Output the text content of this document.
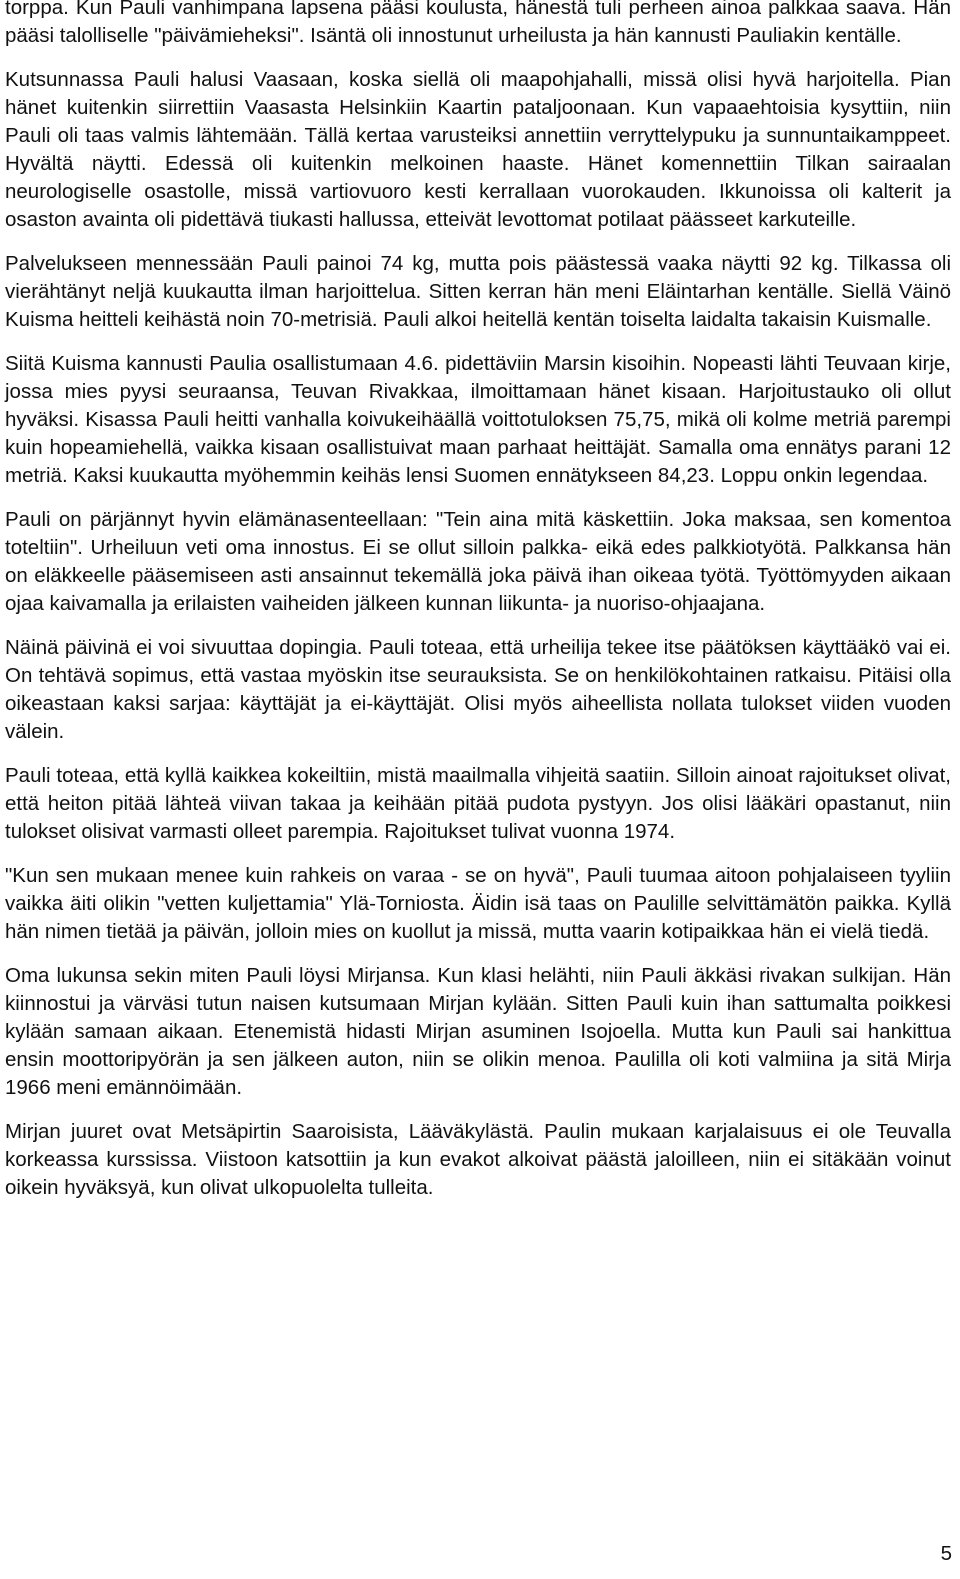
torppa. Kun Pauli vanhimpana lapsena pääsi koulusta, hänestä tuli perheen ainoa palkkaa saava. Hän pääsi talolliselle "päivämieheksi". Isäntä oli innostunut urheilusta ja hän kannusti Pauliakin kentälle.

Kutsunnassa Pauli halusi Vaasaan, koska siellä oli maapohjahalli, missä olisi hyvä harjoitella. Pian hänet kuitenkin siirrettiin Vaasasta Helsinkiin Kaartin pataljoonaan. Kun vapaaehtoisia kysyttiin, niin Pauli oli taas valmis lähtemään. Tällä kertaa varusteiksi annettiin verryttelypuku ja sunnuntaikamppeet. Hyvältä näytti. Edessä oli kuitenkin melkoinen haaste. Hänet komennettiin Tilkan sairaalan neurologiselle osastolle, missä vartiovuoro kesti kerrallaan vuorokauden. Ikkunoissa oli kalterit ja osaston avainta oli pidettävä tiukasti hallussa, etteivät levottomat potilaat päässeet karkuteille.

Palvelukseen mennessään Pauli painoi 74 kg, mutta pois päästessä vaaka näytti 92 kg. Tilkassa oli vierähtänyt neljä kuukautta ilman harjoittelua. Sitten kerran hän meni Eläintarhan kentälle. Siellä Väinö Kuisma heitteli keihästä noin 70-metrisiä. Pauli alkoi heitellä kentän toiselta laidalta takaisin Kuismalle.

Siitä Kuisma kannusti Paulia osallistumaan 4.6. pidettäviin Marsin kisoihin. Nopeasti lähti Teuvaan kirje, jossa mies pyysi seuraansa, Teuvan Rivakkaa, ilmoittamaan hänet kisaan. Harjoitustauko oli ollut hyväksi. Kisassa Pauli heitti vanhalla koivukeihäällä voittotuloksen 75,75, mikä oli kolme metriä parempi kuin hopeamiehellä, vaikka kisaan osallistuivat maan parhaat heittäjät. Samalla oma ennätys parani 12 metriä. Kaksi kuukautta myöhemmin keihäs lensi Suomen ennätykseen 84,23. Loppu onkin legendaa.

Pauli on pärjännyt hyvin elämänasenteellaan: "Tein aina mitä käskettiin. Joka maksaa, sen komentoa toteltiin". Urheiluun veti oma innostus. Ei se ollut silloin palkka- eikä edes palkkiotyötä. Palkkansa hän on eläkkeelle pääsemiseen asti ansainnut tekemällä joka päivä ihan oikeaa työtä. Työttömyyden aikaan ojaa kaivamalla ja erilaisten vaiheiden jälkeen kunnan liikunta- ja nuoriso-ohjaajana.

Näinä päivinä ei voi sivuuttaa dopingia. Pauli toteaa, että urheilija tekee itse päätöksen käyttääkö vai ei. On tehtävä sopimus, että vastaa myöskin itse seurauksista. Se on henkilökohtainen ratkaisu. Pitäisi olla oikeastaan kaksi sarjaa: käyttäjät ja ei-käyttäjät. Olisi myös aiheellista nollata tulokset viiden vuoden välein.

Pauli toteaa, että kyllä kaikkea kokeiltiin, mistä maailmalla vihjeitä saatiin. Silloin ainoat rajoitukset olivat, että heiton pitää lähteä viivan takaa ja keihään pitää pudota pystyyn. Jos olisi lääkäri opastanut, niin tulokset olisivat varmasti olleet parempia. Rajoitukset tulivat vuonna 1974.

"Kun sen mukaan menee kuin rahkeis on varaa - se on hyvä", Pauli tuumaa aitoon pohjalaiseen tyyliin vaikka äiti olikin "vetten kuljettamia" Ylä-Torniosta. Äidin isä taas on Paulille selvittämätön paikka. Kyllä hän nimen tietää ja päivän, jolloin mies on kuollut ja missä, mutta vaarin kotipaikkaa hän ei vielä tiedä.

Oma lukunsa sekin miten Pauli löysi Mirjansa. Kun klasi helähti, niin Pauli äkkäsi rivakan sulkijan. Hän kiinnostui ja värväsi tutun naisen kutsumaan Mirjan kylään. Sitten Pauli kuin ihan sattumalta poikkesi kylään samaan aikaan. Etenemistä hidasti Mirjan asuminen Isojoella. Mutta kun Pauli sai hankittua ensin moottoripyörän ja sen jälkeen auton, niin se olikin menoa. Paulilla oli koti valmiina ja sitä Mirja 1966 meni emännöimään.

Mirjan juuret ovat Metsäpirtin Saaroisista, Lääväkylästä. Paulin mukaan karjalaisuus ei ole Teuvalla korkeassa kurssissa. Viistoon katsottiin ja kun evakot alkoivat päästä jaloilleen, niin ei sitäkään voinut oikein hyväksyä, kun olivat ulkopuolelta tulleita.

5
